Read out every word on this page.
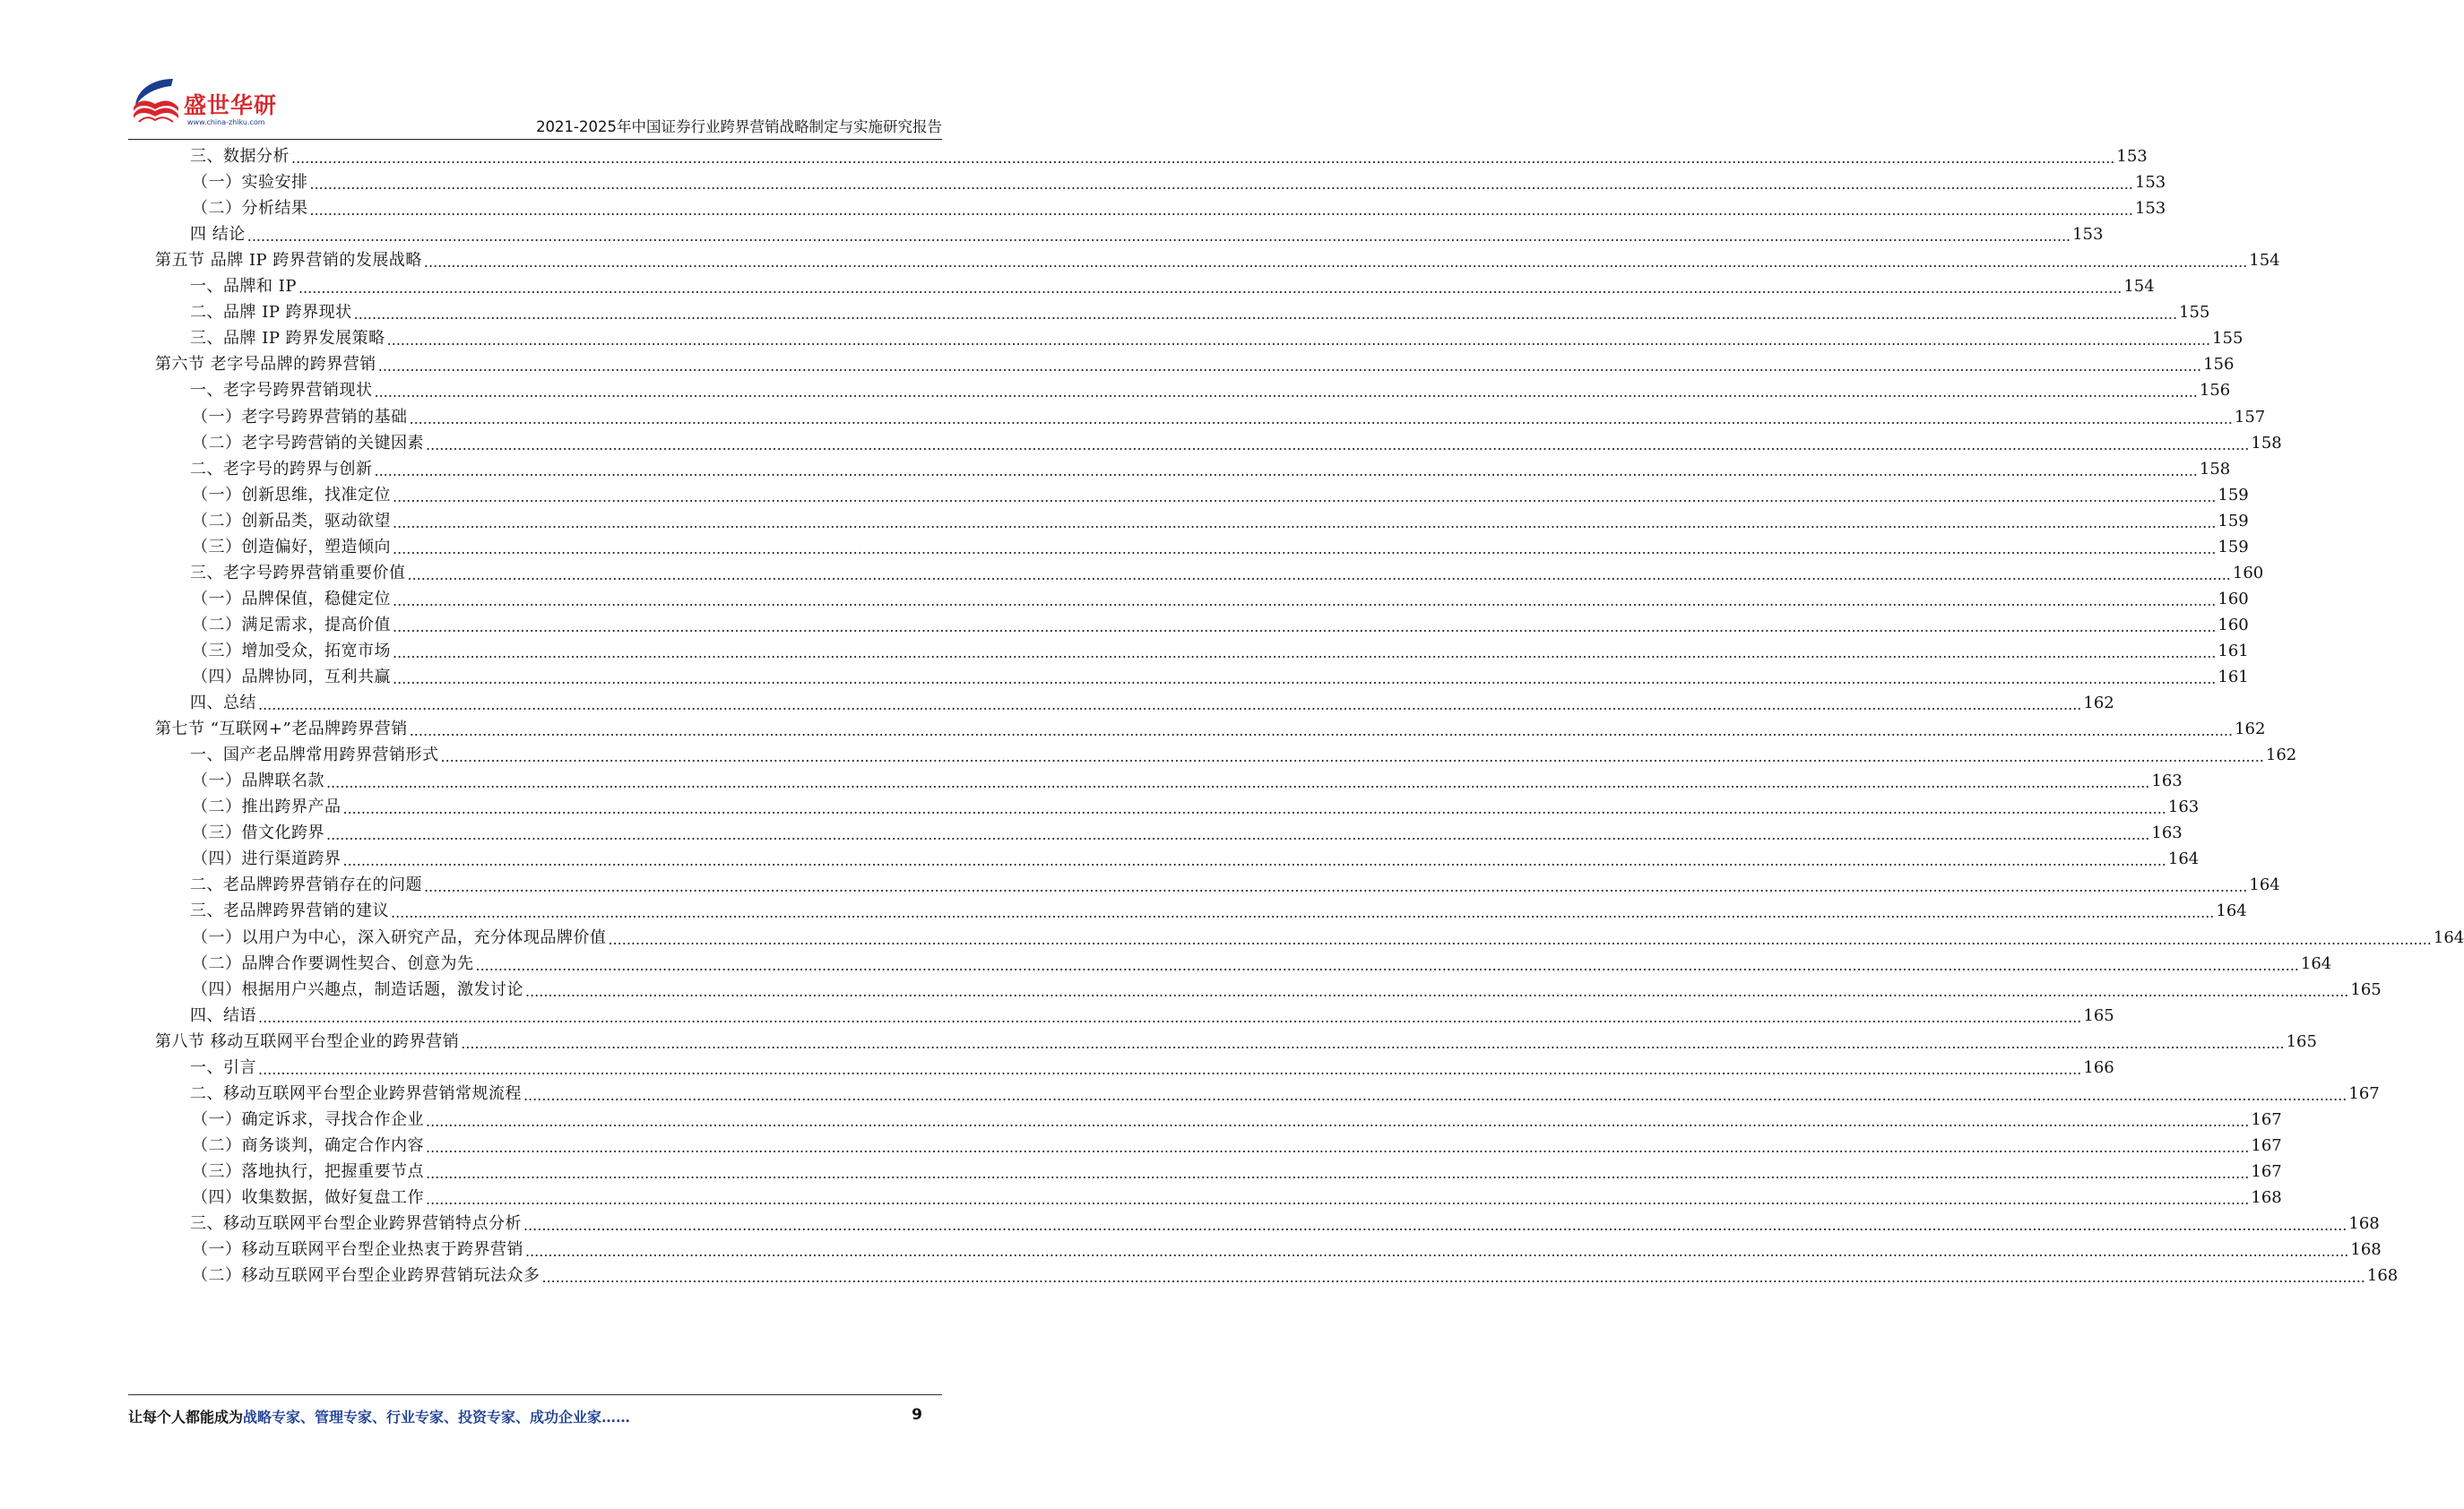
盛世华研
www.china-zhiku.com	2021-2025年中国证券行业跨界营销战略制定与实施研究报告
三、数据分析 ................................................................................................................................................................................................................................................................................................................................................................................................................ 153
（一）实验安排 ................................................................................................................................................................................................................................................................................................................................................................................................................ 153
（二）分析结果 ................................................................................................................................................................................................................................................................................................................................................................................................................ 153
四 结论 ................................................................................................................................................................................................................................................................................................................................................................................................................ 153
第五节 品牌 IP 跨界营销的发展战略 ................................................................................................................................................................................................................................................................................................................................................................................................................ 154
一、品牌和 IP ................................................................................................................................................................................................................................................................................................................................................................................................................ 154
二、品牌 IP 跨界现状 ................................................................................................................................................................................................................................................................................................................................................................................................................ 155
三、品牌 IP 跨界发展策略 ................................................................................................................................................................................................................................................................................................................................................................................................................ 155
第六节 老字号品牌的跨界营销 ................................................................................................................................................................................................................................................................................................................................................................................................................ 156
一、老字号跨界营销现状 ................................................................................................................................................................................................................................................................................................................................................................................................................ 156
（一）老字号跨界营销的基础 ................................................................................................................................................................................................................................................................................................................................................................................................................ 157
（二）老字号跨营销的关键因素 ................................................................................................................................................................................................................................................................................................................................................................................................................ 158
二、老字号的跨界与创新 ................................................................................................................................................................................................................................................................................................................................................................................................................ 158
（一）创新思维，找准定位 ................................................................................................................................................................................................................................................................................................................................................................................................................ 159
（二）创新品类，驱动欲望 ................................................................................................................................................................................................................................................................................................................................................................................................................ 159
（三）创造偏好，塑造倾向 ................................................................................................................................................................................................................................................................................................................................................................................................................ 159
三、老字号跨界营销重要价值 ................................................................................................................................................................................................................................................................................................................................................................................................................ 160
（一）品牌保值，稳健定位 ................................................................................................................................................................................................................................................................................................................................................................................................................ 160
（二）满足需求，提高价值 ................................................................................................................................................................................................................................................................................................................................................................................................................ 160
（三）增加受众，拓宽市场 ................................................................................................................................................................................................................................................................................................................................................................................................................ 161
（四）品牌协同，互利共赢 ................................................................................................................................................................................................................................................................................................................................................................................................................ 161
四、总结 ................................................................................................................................................................................................................................................................................................................................................................................................................ 162
第七节 “互联网+”老品牌跨界营销 ................................................................................................................................................................................................................................................................................................................................................................................................................ 162
一、国产老品牌常用跨界营销形式 ................................................................................................................................................................................................................................................................................................................................................................................................................ 162
（一）品牌联名款 ................................................................................................................................................................................................................................................................................................................................................................................................................ 163
（二）推出跨界产品 ................................................................................................................................................................................................................................................................................................................................................................................................................ 163
（三）借文化跨界 ................................................................................................................................................................................................................................................................................................................................................................................................................ 163
（四）进行渠道跨界 ................................................................................................................................................................................................................................................................................................................................................................................................................ 164
二、老品牌跨界营销存在的问题 ................................................................................................................................................................................................................................................................................................................................................................................................................ 164
三、老品牌跨界营销的建议 ................................................................................................................................................................................................................................................................................................................................................................................................................ 164
（一）以用户为中心，深入研究产品，充分体现品牌价值 ................................................................................................................................................................................................................................................................................................................................................................................................................ 164
（二）品牌合作要调性契合、创意为先 ................................................................................................................................................................................................................................................................................................................................................................................................................ 164
（四）根据用户兴趣点，制造话题，激发讨论 ................................................................................................................................................................................................................................................................................................................................................................................................................ 165
四、结语 ................................................................................................................................................................................................................................................................................................................................................................................................................ 165
第八节 移动互联网平台型企业的跨界营销 ................................................................................................................................................................................................................................................................................................................................................................................................................ 165
一、引言 ................................................................................................................................................................................................................................................................................................................................................................................................................ 166
二、移动互联网平台型企业跨界营销常规流程 ................................................................................................................................................................................................................................................................................................................................................................................................................ 167
（一）确定诉求，寻找合作企业 ................................................................................................................................................................................................................................................................................................................................................................................................................ 167
（二）商务谈判，确定合作内容 ................................................................................................................................................................................................................................................................................................................................................................................................................ 167
（三）落地执行，把握重要节点 ................................................................................................................................................................................................................................................................................................................................................................................................................ 167
（四）收集数据，做好复盘工作 ................................................................................................................................................................................................................................................................................................................................................................................................................ 168
三、移动互联网平台型企业跨界营销特点分析 ................................................................................................................................................................................................................................................................................................................................................................................................................ 168
（一）移动互联网平台型企业热衷于跨界营销 ................................................................................................................................................................................................................................................................................................................................................................................................................ 168
（二）移动互联网平台型企业跨界营销玩法众多 ................................................................................................................................................................................................................................................................................................................................................................................................................ 168
让每个人都能成为战略专家、管理专家、行业专家、投资专家、成功企业家……	9
